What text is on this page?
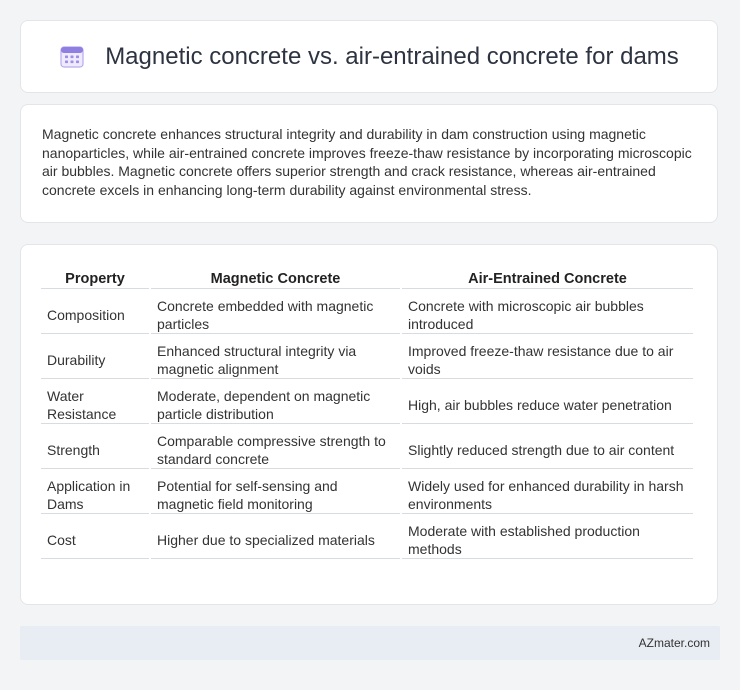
Magnetic concrete vs. air-entrained concrete for dams

Magnetic concrete enhances structural integrity and durability in dam construction using magnetic nanoparticles, while air-entrained concrete improves freeze-thaw resistance by incorporating microscopic air bubbles. Magnetic concrete offers superior strength and crack resistance, whereas air-entrained concrete excels in enhancing long-term durability against environmental stress.

Property	Magnetic Concrete	Air-Entrained Concrete
Composition	Concrete embedded with magnetic particles	Concrete with microscopic air bubbles introduced
Durability	Enhanced structural integrity via magnetic alignment	Improved freeze-thaw resistance due to air voids
Water Resistance	Moderate, dependent on magnetic particle distribution	High, air bubbles reduce water penetration
Strength	Comparable compressive strength to standard concrete	Slightly reduced strength due to air content
Application in Dams	Potential for self-sensing and magnetic field monitoring	Widely used for enhanced durability in harsh environments
Cost	Higher due to specialized materials	Moderate with established production methods
AZmater.com
